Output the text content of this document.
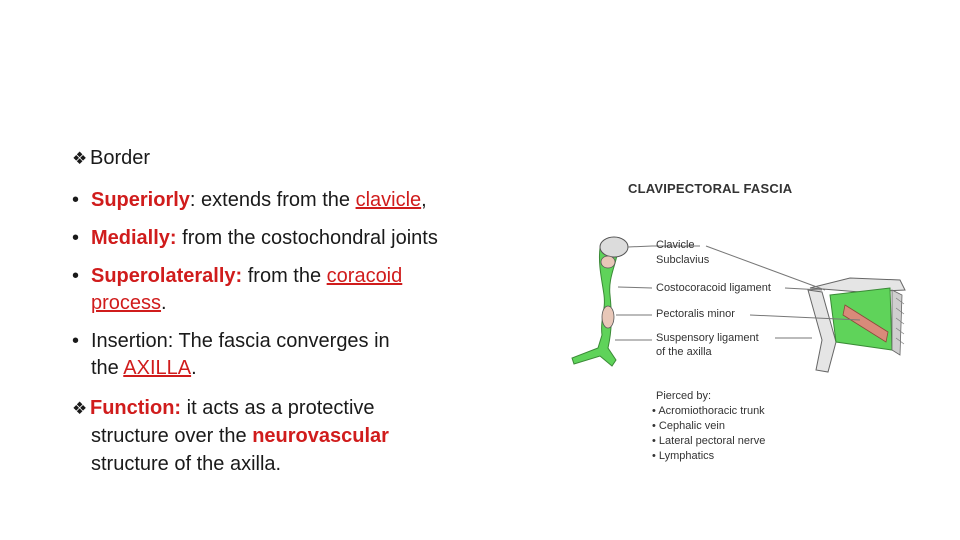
❖ Border
• Superiorly: extends from the clavicle,
• Medially: from the costochondral joints
• Superolaterally: from the coracoid
process.
• Insertion: The fascia converges in
the AXILLA.
❖ Function: it acts as a protective
structure over the neurovascular
structure of the axilla.
CLAVIPECTORAL FASCIA
Clavicle
Subclavius
Costocoracoid ligament
Pectoralis minor
Suspensory ligament
of the axilla
Pierced by:
• Acromiothoracic trunk
• Cephalic vein
• Lateral pectoral nerve
• Lymphatics
